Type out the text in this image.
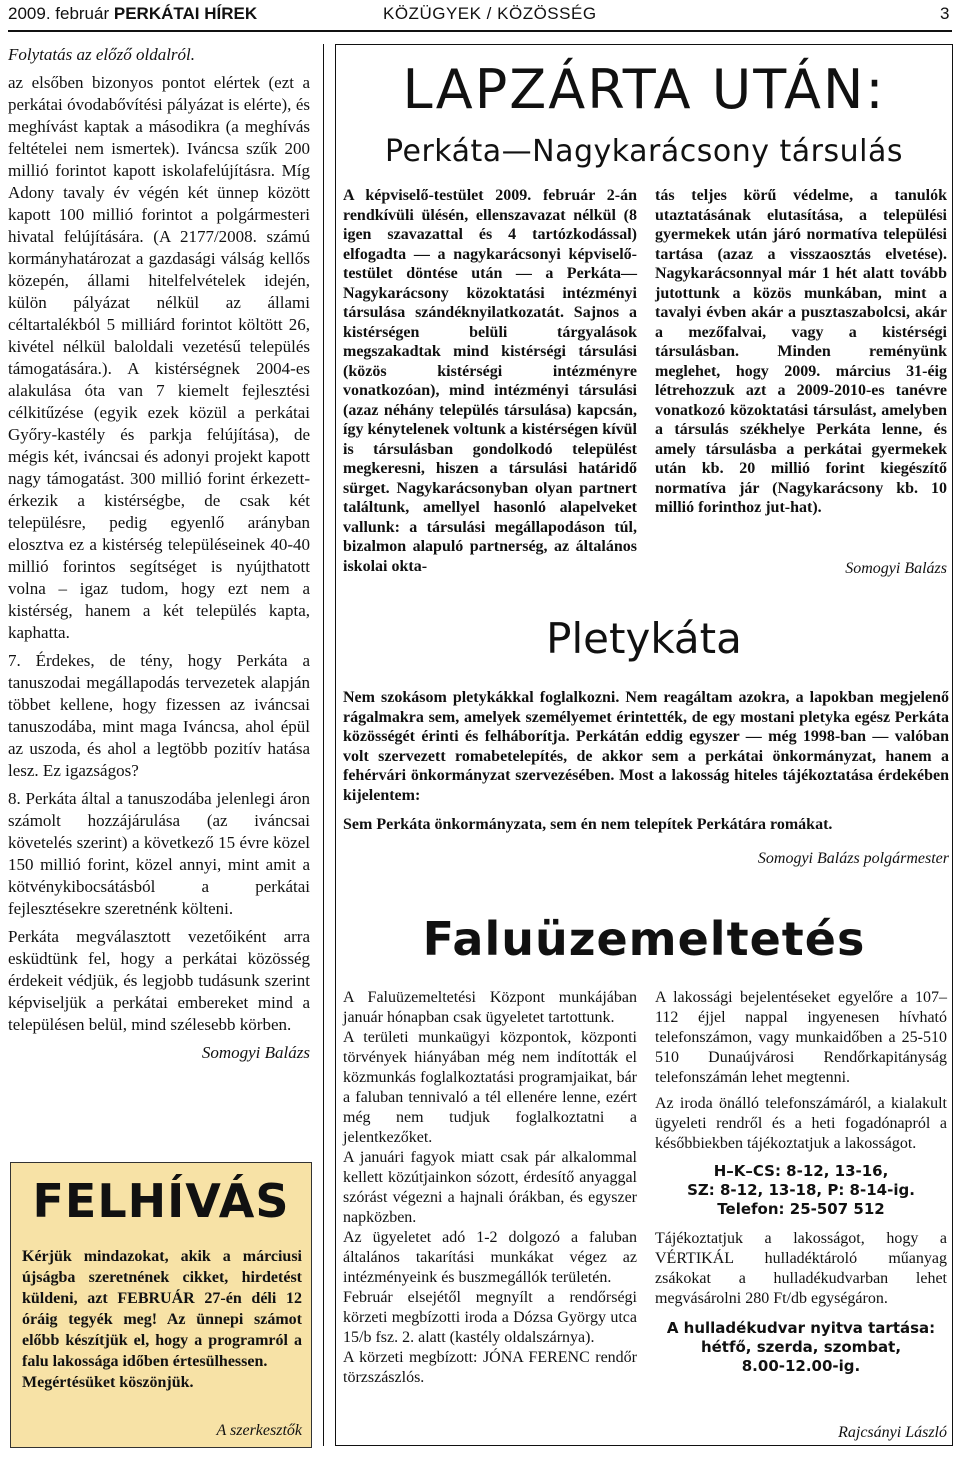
2009. február PERKÁTAI HÍREK	KÖZÜGYEK / KÖZÖSSÉG	3

Folytatás az előző oldalról.

az elsőben bizonyos pontot elértek (ezt a perkátai óvodabővítési pályázat is elérte), és meghívást kaptak a másodikra (a meghívás feltételei nem ismertek). Iváncsa szűk 200 millió forintot kapott iskolafelújításra. Míg Adony tavaly év végén két ünnep között kapott 100 millió forintot a polgármesteri hivatal felújítására. (A 2177/2008. számú kormányhatározat a gazdasági válság kellős közepén, állami hitelfelvételek idején, külön pályázat nélkül az állami céltartalékból 5 milliárd forintot költött 26, kivétel nélkül baloldali vezetésű település támogatására.). A kistérségnek 2004-es alakulása óta van 7 kiemelt fejlesztési célkitűzése (egyik ezek közül a perkátai Győry-kastély és parkja felújítása), de mégis két, iváncsai és adonyi projekt kapott nagy támogatást. 300 millió forint érkezett-érkezik a kistérségbe, de csak két településre, pedig egyenlő arányban elosztva ez a kistérség településeinek 40-40 millió forintos segítséget is nyújthatott volna – igaz tudom, hogy ezt nem a kistérség, hanem a két település kapta, kaphatta.

7. Érdekes, de tény, hogy Perkáta a tanuszodai megállapodás tervezetek alapján többet kellene, hogy fizessen az iváncsai tanuszodába, mint maga Iváncsa, ahol épül az uszoda, és ahol a legtöbb pozitív hatása lesz. Ez igazságos?

8. Perkáta által a tanuszodába jelenlegi áron számolt hozzájárulása (az iváncsai követelés szerint) a következő 15 évre közel 150 millió forint, közel annyi, mint amit a kötvénykibocsátásból a perkátai fejlesztésekre szeretnénk költeni.

Perkáta megválasztott vezetőiként arra esküdtünk fel, hogy a perkátai közösség érdekeit védjük, és legjobb tudásunk szerint képviseljük a perkátai embereket mind a településen belül, mind szélesebb körben.

Somogyi Balázs

FELHÍVÁS

Kérjük mindazokat, akik a márciusi újságba szeretnének cikket, hirdetést küldeni, azt FEBRUÁR 27-én déli 12 óráig tegyék meg! Az ünnepi számot előbb készítjük el, hogy a programról a falu lakossága időben értesülhessen.

Megértésüket köszönjük.

A szerkesztők
LAPZÁRTA UTÁN:
Perkáta—Nagykarácsony társulás
A képviselő-testület 2009. február 2-án rendkívüli ülésén, ellenszavazat nélkül (8 igen szavazattal és 4 tartózkodással) elfogadta — a nagykarácsonyi képviselő-testület döntése után — a Perkáta—Nagykarácsony közoktatási intézményi társulása szándéknyilatkozatát. Sajnos a kistérségen belüli tárgyalások megszakadtak mind kistérségi társulási (közös kistérségi intézményre vonatkozóan), mind intézményi társulási (azaz néhány település társulása) kapcsán, így kénytelenek voltunk a kistérségen kívül is társulásban gondolkodó települést megkeresni, hiszen a társulási határidő sürget. Nagykarácsonyban olyan partnert találtunk, amellyel hasonló alapelveket vallunk: a társulási megállapodáson túl, bizalmon alapuló partnerség, az általános iskolai okta-
tás teljes körű védelme, a tanulók utaztatásának elutasítása, a települési gyermekek után járó normatíva települési tartása (azaz a visszaosztás elvetése). Nagykarácsonnyal már 1 hét alatt tovább jutottunk a közös munkában, mint a tavalyi évben akár a pusztaszabolcsi, akár a mezőfalvai, vagy a kistérségi társulásban. Minden reményünk meglehet, hogy 2009. március 31-éig létrehozzuk azt a 2009-2010-es tanévre vonatkozó közoktatási társulást, amelyben a társulás székhelye Perkáta lenne, és amely társulásba a perkátai gyermekek után kb. 20 millió forint kiegészítő normatíva jár (Nagykarácsony kb. 10 millió forinthoz jut-hat).
Somogyi Balázs
Pletykáta

Nem szokásom pletykákkal foglalkozni. Nem reagáltam azokra, a lapokban megjelenő rágalmakra sem, amelyek személyemet érintették, de egy mostani pletyka egész Perkáta közösségét érinti és felháborítja. Perkátán eddig egyszer — még 1998-ban — valóban volt szervezett romabetelepítés, de akkor sem a perkátai önkormányzat, hanem a fehérvári önkormányzat szervezésében. Most a lakosság hiteles tájékoztatása érdekében kijelentem:

Sem Perkáta önkormányzata, sem én nem telepítek Perkátára romákat.

Somogyi Balázs polgármester
Faluüzemeltetés

A Faluüzemeltetési Központ munkájában január hónapban csak ügyeletet tartottunk.

A területi munkaügyi központok, központi törvények hiányában még nem indították el közmunkás foglalkoztatási programjaikat, bár a faluban tennivaló a tél ellenére lenne, ezért még nem tudjuk foglalkoztatni a jelentkezőket.

A januári fagyok miatt csak pár alkalommal kellett közútjainkon sózott, érdesítő anyaggal szórást végezni a hajnali órákban, és egyszer napközben.

Az ügyeletet adó 1-2 dolgozó a faluban általános takarítási munkákat végez az intézményeink és buszmegállók területén.

Február elsejétől megnyílt a rendőrségi körzeti megbízotti iroda a Dózsa György utca 15/b fsz. 2. alatt (kastély oldalszárnya).

A körzeti megbízott: JÓNA FERENC rendőr törzszászlós.

A lakossági bejelentéseket egyelőre a 107–112 éjjel nappal ingyenesen hívható telefonszámon, vagy munkaidőben a 25-510 510 Dunaújvárosi Rendőrkapitányság telefonszámán lehet megtenni.

Az iroda önálló telefonszámáról, a kialakult ügyeleti rendről és a heti fogadónapról a későbbiekben tájékoztatjuk a lakosságot.

H–K–CS: 8-12, 13-16,
SZ: 8-12, 13-18, P: 8-14-ig.
Telefon: 25-507 512

Tájékoztatjuk a lakosságot, hogy a VÉRTIKÁL hulladéktároló műanyag zsákokat a hulladékudvarban lehet megvásárolni 280 Ft/db egységáron.

A hulladékudvar nyitva tartása:
hétfő, szerda, szombat,
8.00-12.00-ig.
Rajcsányi László
